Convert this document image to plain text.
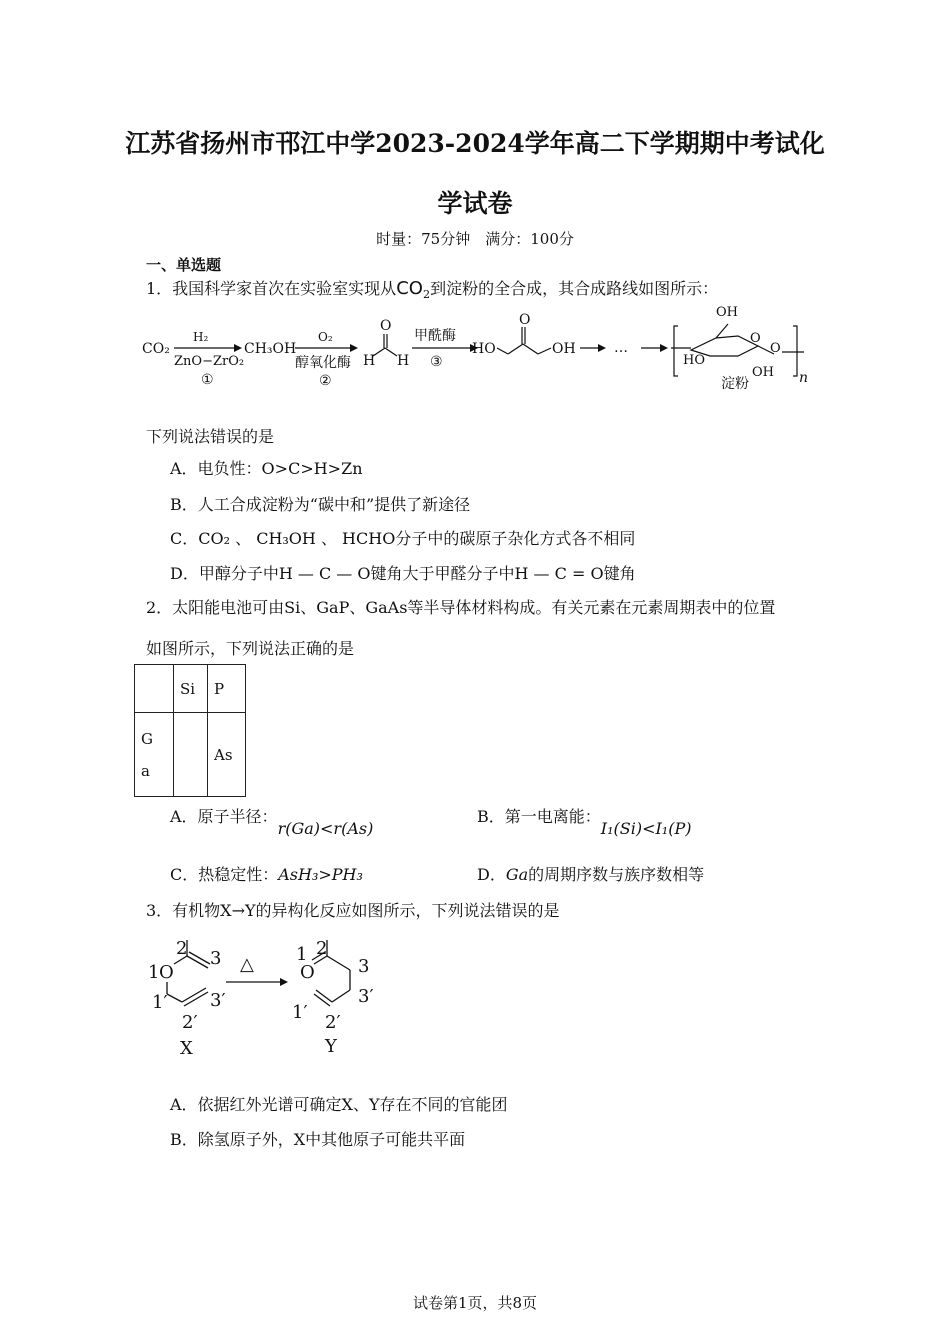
江苏省扬州市邗江中学2023-2024学年高二下学期期中考试化
学试卷
时量：75分钟　满分：100分
一、单选题
1．我国科学家首次在实验室实现从$CO_2$到淀粉的全合成，其合成路线如图所示：
CO₂
H₂
ZnO−ZrO₂
①
CH₃OH
O₂
醇氧化酶
②
O
H H
甲酰酶
③
HO
O
OH	…
OH
O
HO
OH
O
淀粉	n
下列说法错误的是
A．电负性：O>C>H>Zn
B．人工合成淀粉为“碳中和”提供了新途径
C．CO₂ 、 CH₃OH 、 HCHO分子中的碳原子杂化方式各不相同
D．甲醇分子中H — C — O键角大于甲醛分子中H — C = O键角
2．太阳能电池可由Si、GaP、GaAs等半导体材料构成。有关元素在元素周期表中的位置
如图所示，下列说法正确的是
	Si	P

G
a		As
A．原子半径：r(Ga)<r(As)
B．第一电离能：I₁(Si)<I₁(P)
C．热稳定性：AsH₃>PH₃	D．Ga的周期序数与族序数相等
3．有机物X→Y的异构化反应如图所示，下列说法错误的是
1 O
2 3
1′
2′
3′
X
△ 1
O
2
3
3′
1′ 2′
Y
A．依据红外光谱可确定X、Y存在不同的官能团
B．除氢原子外，X中其他原子可能共平面
试卷第1页，共8页
